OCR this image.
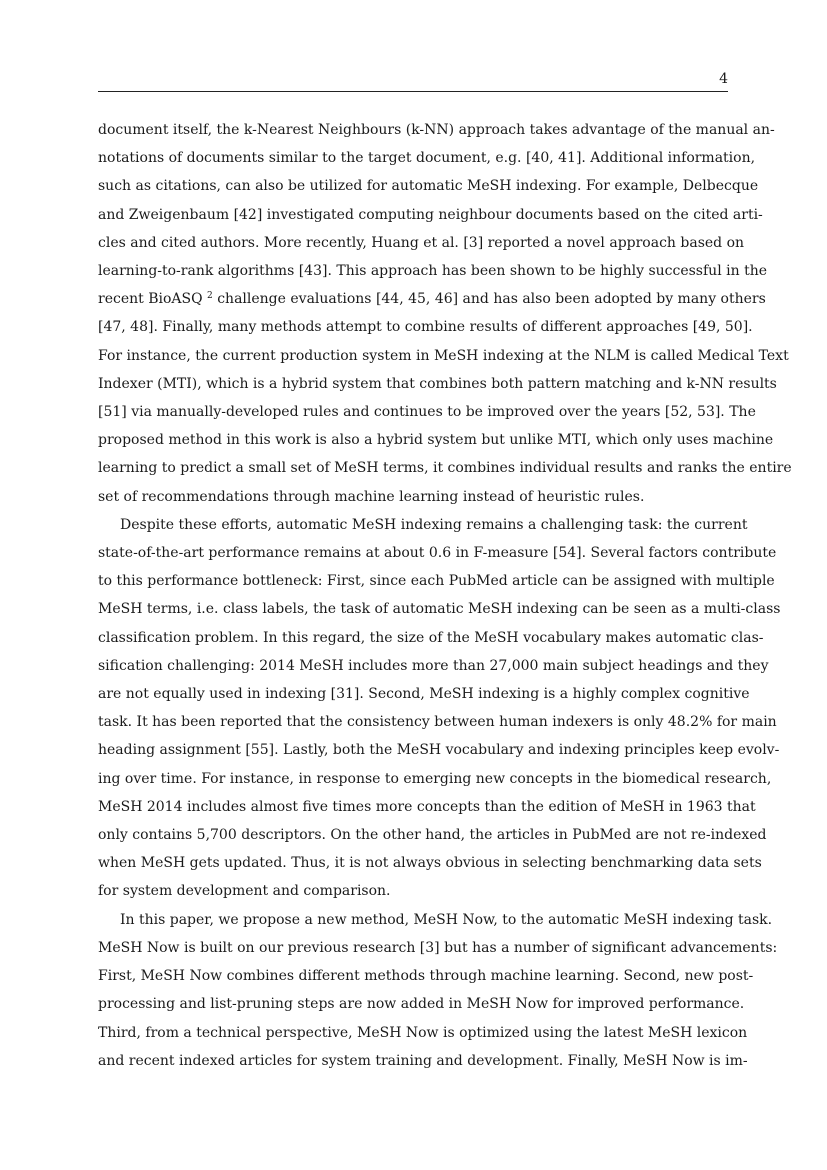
4

document itself, the k-Nearest Neighbours (k-NN) approach takes advantage of the manual an-
notations of documents similar to the target document, e.g. [40, 41]. Additional information,
such as citations, can also be utilized for automatic MeSH indexing. For example, Delbecque
and Zweigenbaum [42] investigated computing neighbour documents based on the cited arti-
cles and cited authors. More recently, Huang et al. [3] reported a novel approach based on
learning-to-rank algorithms [43]. This approach has been shown to be highly successful in the
recent BioASQ $^2$ challenge evaluations [44, 45, 46] and has also been adopted by many others
[47, 48]. Finally, many methods attempt to combine results of different approaches [49, 50].
For instance, the current production system in MeSH indexing at the NLM is called Medical Text
Indexer (MTI), which is a hybrid system that combines both pattern matching and k-NN results
[51] via manually-developed rules and continues to be improved over the years [52, 53]. The
proposed method in this work is also a hybrid system but unlike MTI, which only uses machine
learning to predict a small set of MeSH terms, it combines individual results and ranks the entire
set of recommendations through machine learning instead of heuristic rules.

Despite these efforts, automatic MeSH indexing remains a challenging task: the current
state-of-the-art performance remains at about 0.6 in F-measure [54]. Several factors contribute
to this performance bottleneck: First, since each PubMed article can be assigned with multiple
MeSH terms, i.e. class labels, the task of automatic MeSH indexing can be seen as a multi-class
classification problem. In this regard, the size of the MeSH vocabulary makes automatic clas-
sification challenging: 2014 MeSH includes more than 27,000 main subject headings and they
are not equally used in indexing [31]. Second, MeSH indexing is a highly complex cognitive
task. It has been reported that the consistency between human indexers is only 48.2% for main
heading assignment [55]. Lastly, both the MeSH vocabulary and indexing principles keep evolv-
ing over time. For instance, in response to emerging new concepts in the biomedical research,
MeSH 2014 includes almost five times more concepts than the edition of MeSH in 1963 that
only contains 5,700 descriptors. On the other hand, the articles in PubMed are not re-indexed
when MeSH gets updated. Thus, it is not always obvious in selecting benchmarking data sets
for system development and comparison.

In this paper, we propose a new method, MeSH Now, to the automatic MeSH indexing task.
MeSH Now is built on our previous research [3] but has a number of significant advancements:
First, MeSH Now combines different methods through machine learning. Second, new post-
processing and list-pruning steps are now added in MeSH Now for improved performance.
Third, from a technical perspective, MeSH Now is optimized using the latest MeSH lexicon
and recent indexed articles for system training and development. Finally, MeSH Now is im-
